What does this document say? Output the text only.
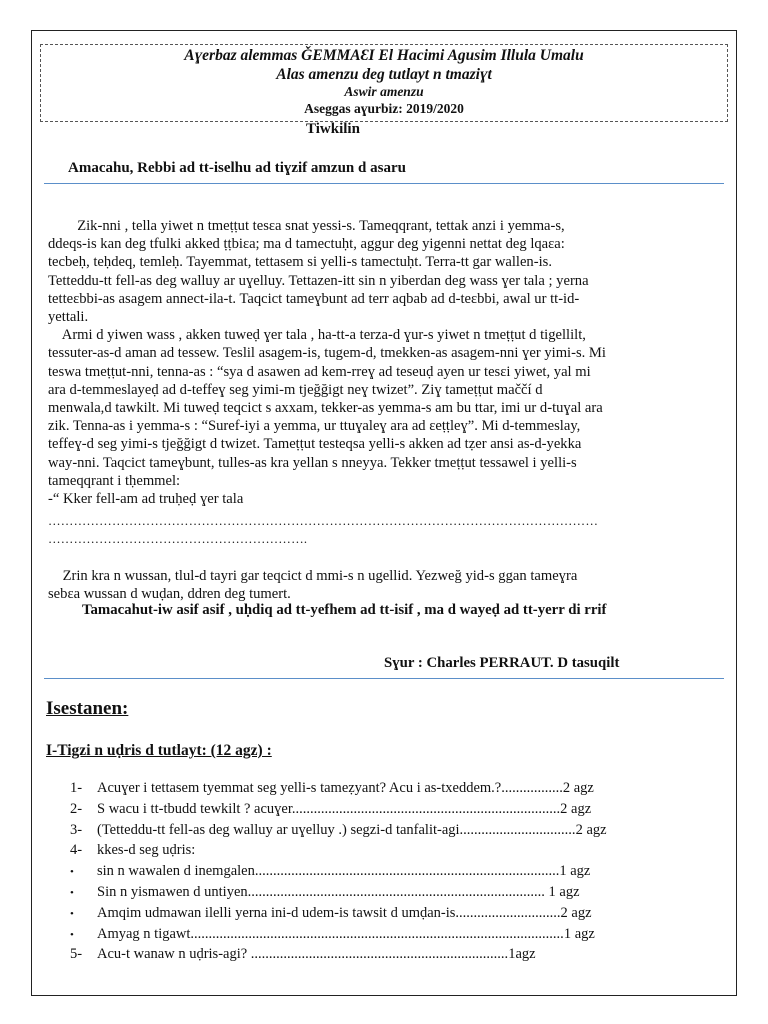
Aɣerbaz alemmas ǦEMMAƐI El Hacimi Agusim Illula Umalu
Alas amenzu deg tutlayt n tmaziɣt
Aswir amenzu
Aseggas aɣurbiz: 2019/2020
Tiwkilin
Amacahu, Rebbi ad tt-iselhu ad tiɣzif amzun d asaru

Zik-nni , tella yiwet n tmeṭṭut tesɛa snat yessi-s. Tameqqrant, tettak anzi i yemma-s,

ddeqs-is kan deg tfulki akked ṭṭbiɛa; ma d tamectuḥt, aggur deg yigenni nettat deg lqaɛa:

tecbeḥ, teḥdeq, temleḥ. Tayemmat, tettasem si yelli-s tamectuḥt. Terra-tt gar wallen-is.

Tetteddu-tt fell-as deg walluy ar uɣelluy. Tettazen-itt sin n yiberdan deg wass ɣer tala ; yerna

tetteɛbbi-as asagem annect-ila-t. Taqcict tameɣbunt ad terr aqbab ad d-teɛbbi, awal ur tt-id-

yettali.

Armi d yiwen wass , akken tuweḍ ɣer tala , ha-tt-a terza-d ɣur-s yiwet n tmeṭṭut d tigellilt,

tessuter-as-d aman ad tessew. Teslil asagem-is, tugem-d, tmekken-as asagem-nni ɣer yimi-s. Mi

teswa tmeṭṭut-nni, tenna-as : “sya d asawen ad kem-rreɣ ad teseuḍ ayen ur tesɛi yiwet, yal mi

ara d-temmeslayeḍ ad d-teffeɣ seg yimi-m tjeğğigt neɣ twizet”. Ziɣ tameṭṭut maččí d

menwala,d tawkilt. Mi tuweḍ teqcict s axxam, tekker-as yemma-s am bu ttar, imi ur d-tuɣal ara

zik. Tenna-as i yemma-s : “Suref-iyi a yemma, ur ttuɣaleɣ ara ad ɛeṭṭleɣ”. Mi d-temmeslay,

teffeɣ-d seg yimi-s tjeğğigt d twizet. Tameṭṭut testeqsa yelli-s akken ad tẓer ansi as-d-yekka

way-nni. Taqcict tameɣbunt, tulles-as kra yellan s nneyya. Tekker tmeṭṭut tessawel i yelli-s

tameqqrant i tḥemmel:

-“ Kker fell-am ad truḥeḍ ɣer tala

…………………………………………………………………………………………………………………
…………………………………………………….
Zrin kra n wussan, tlul-d tayri gar teqcict d mmi-s n ugellid. Yezweğ yid-s ggan tameɣra
sebɛa wussan d wuḍan, ddren deg tumert.
Tamacahut-iw asif asif , uḥdiq ad tt-yefhem ad tt-isif , ma d wayeḍ ad tt-yerr di rrif
Sɣur : Charles PERRAUT. D tasuqilt
Isestanen:
I-Tigzi n uḍris d tutlayt: (12 agz) :
1- Acuɣer i tettasem tyemmat seg yelli-s tameẓyant? Acu i as-txeddem.?.................2 agz
2- S wacu i tt-tbudd tewkilt ? acuɣer..........................................................................2 agz
3- (Tetteddu-tt fell-as deg walluy ar uɣelluy .) segzi-d tanfalit-agi................................2 agz
4- kkes-d seg uḍris:
• sin n wawalen d inemgalen....................................................................................1 agz
• Sin n yismawen d untiyen.................................................................................. 1 agz
• Amqim udmawan ilelli yerna ini-d udem-is tawsit d umḍan-is.............................2 agz
• Amyag n tigawt.......................................................................................................1 agz
5- Acu-t wanaw n uḍris-agi? .......................................................................1agz
